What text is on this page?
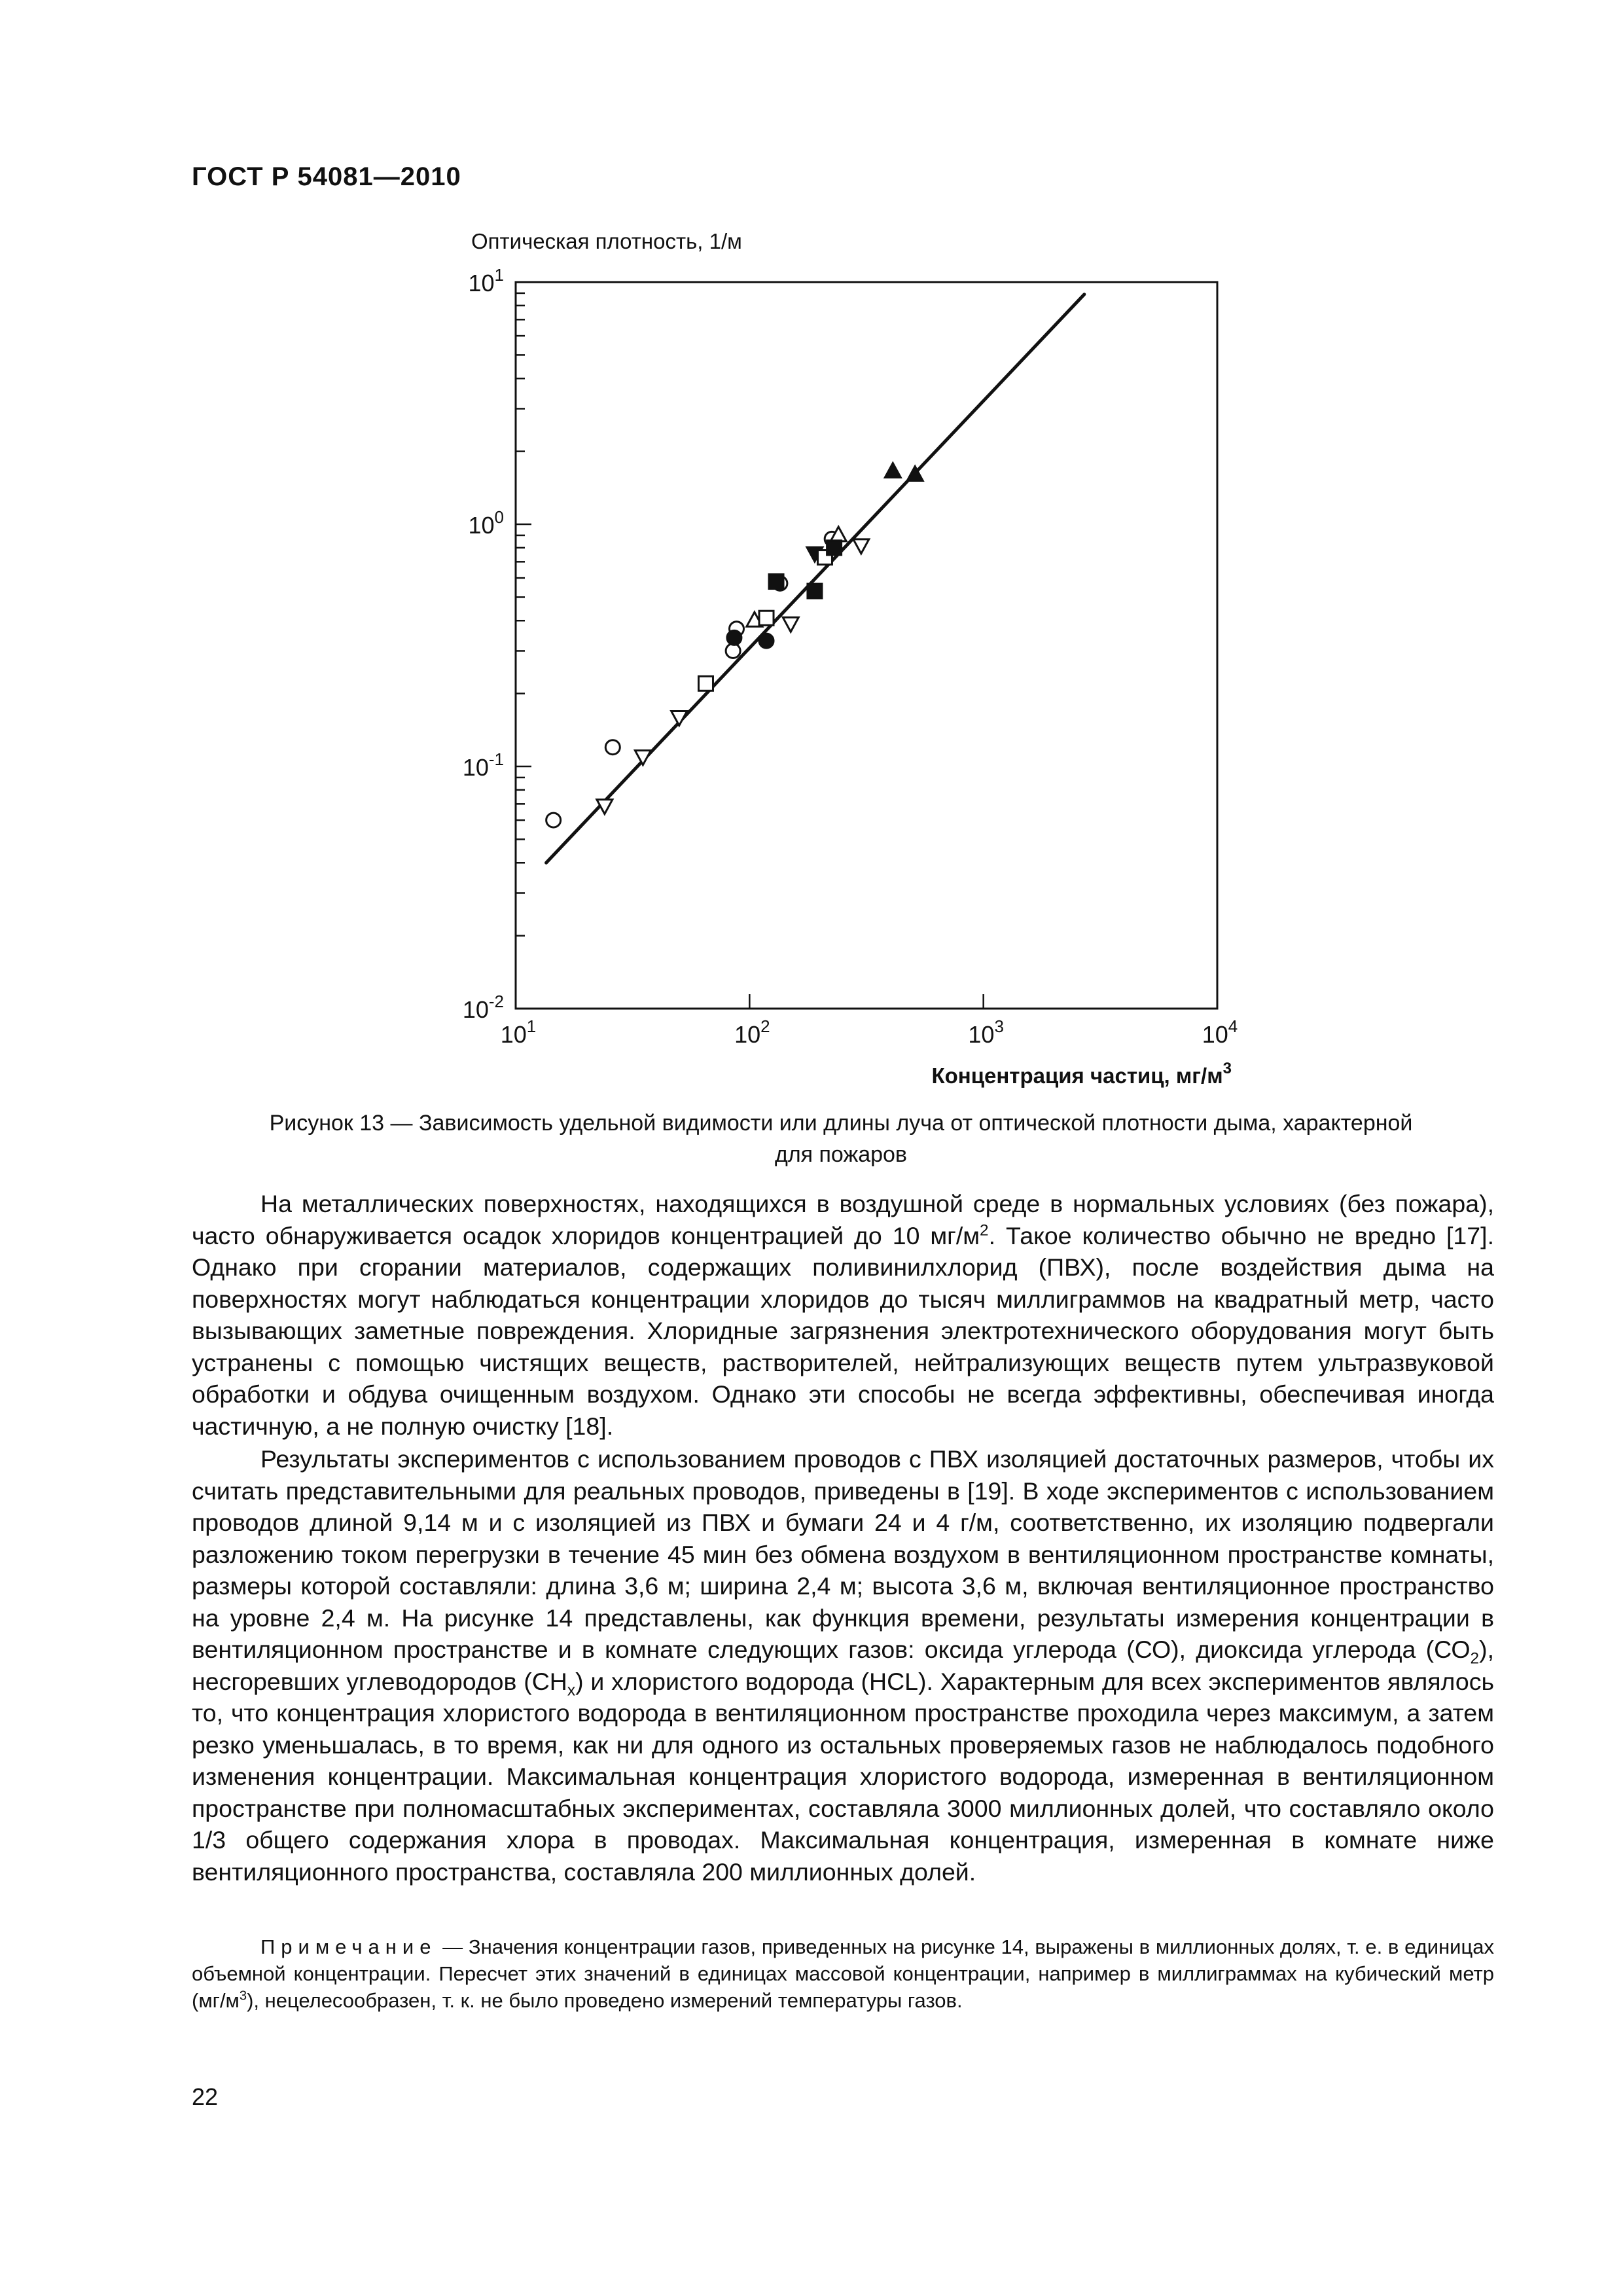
ГОСТ Р 54081—2010
$10^1$
$10^0$
$10^{-1}$
$10^{-2}$
$10^1$	$10^2$	$10^3$	$10^4$
Оптическая плотность, 1/м
Концентрация частиц, $мг/м^3$
Рисунок 13 — Зависимость удельной видимости или длины луча от оптической плотности дыма, характерной
для пожаров

На металлических поверхностях, находящихся в воздушной среде в нормальных условиях (без пожара), часто обнаруживается осадок хлоридов концентрацией до 10 $мг/м^2$. Такое количество обычно не вредно [17]. Однако при сгорании материалов, содержащих поливинилхлорид (ПВХ), после воздействия дыма на поверхностях могут наблюдаться концентрации хлоридов до тысяч миллиграммов на квадратный метр, часто вызывающих заметные повреждения. Хлоридные загрязнения электротехнического оборудования могут быть устранены с помощью чистящих веществ, растворителей, нейтрализующих веществ путем ультразвуковой обработки и обдува очищенным воздухом. Однако эти способы не всегда эффективны, обеспечивая иногда частичную, а не полную очистку [18].

Результаты экспериментов с использованием проводов с ПВХ изоляцией достаточных размеров, чтобы их считать представительными для реальных проводов, приведены в [19]. В ходе экспериментов с использованием проводов длиной 9,14 м и с изоляцией из ПВХ и бумаги 24 и 4 г/м, соответственно, их изоляцию подвергали разложению током перегрузки в течение 45 мин без обмена воздухом в вентиляционном пространстве комнаты, размеры которой составляли: длина 3,6 м; ширина 2,4 м; высота 3,6 м, включая вентиляционное пространство на уровне 2,4 м. На рисунке 14 представлены, как функция времени, результаты измерения концентрации в вентиляционном пространстве и в комнате следующих газов: оксида углерода (СО), диоксида углерода $(СО_2)$, несгоревших углеводородов $(СН_x)$ и хлористого водорода (HCL). Характерным для всех экспериментов являлось то, что концентрация хлористого водорода в вентиляционном пространстве проходила через максимум, а затем резко уменьшалась, в то время, как ни для одного из остальных проверяемых газов не наблюдалось подобного изменения концентрации. Максимальная концентрация хлористого водорода, измеренная в вентиляционном пространстве при полномасштабных экспериментах, составляла 3000 миллионных долей, что составляло около 1/3 общего содержания хлора в проводах. Максимальная концентрация, измеренная в комнате ниже вентиляционного пространства, составляла 200 миллионных долей.

Примечание — Значения концентрации газов, приведенных на рисунке 14, выражены в миллионных долях, т. е. в единицах объемной концентрации. Пересчет этих значений в единицах массовой концентрации, например в миллиграммах на кубический метр $(мг/м^3)$, нецелесообразен, т. к. не было проведено измерений температуры газов.
22
